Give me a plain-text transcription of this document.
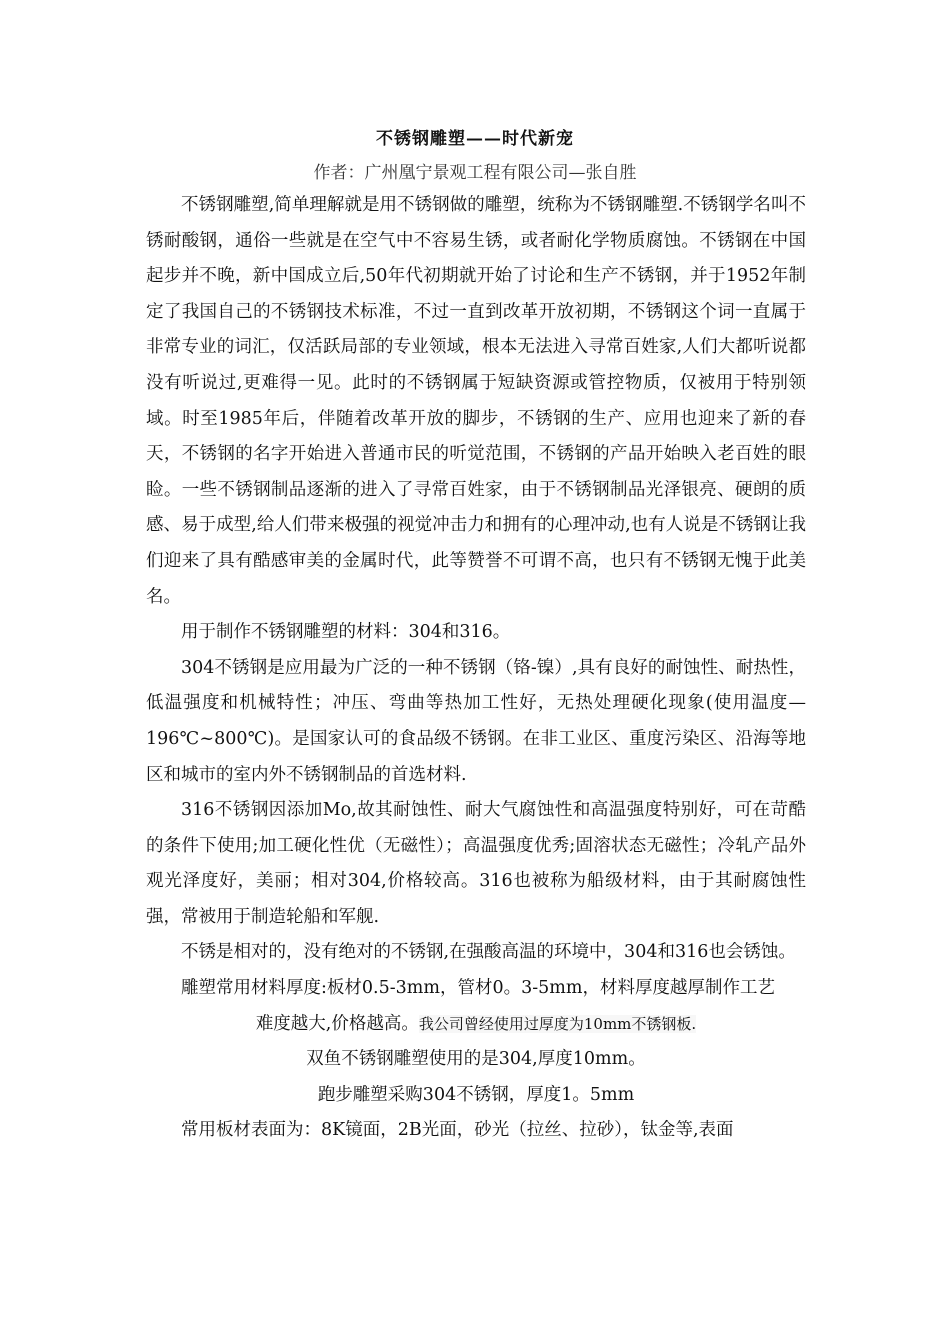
不锈钢雕塑——时代新宠
作者：广州凰宁景观工程有限公司—张自胜

不锈钢雕塑,简单理解就是用不锈钢做的雕塑，统称为不锈钢雕塑.不锈钢学名叫不锈耐酸钢，通俗一些就是在空气中不容易生锈，或者耐化学物质腐蚀。不锈钢在中国起步并不晚，新中国成立后,50年代初期就开始了讨论和生产不锈钢，并于1952年制定了我国自己的不锈钢技术标准，不过一直到改革开放初期，不锈钢这个词一直属于非常专业的词汇，仅活跃局部的专业领域，根本无法进入寻常百姓家,人们大都听说都没有听说过,更难得一见。此时的不锈钢属于短缺资源或管控物质，仅被用于特别领域。时至1985年后，伴随着改革开放的脚步，不锈钢的生产、应用也迎来了新的春天，不锈钢的名字开始进入普通市民的听觉范围，不锈钢的产品开始映入老百姓的眼睑。一些不锈钢制品逐渐的进入了寻常百姓家，由于不锈钢制品光泽银亮、硬朗的质感、易于成型,给人们带来极强的视觉冲击力和拥有的心理冲动,也有人说是不锈钢让我们迎来了具有酷感审美的金属时代，此等赞誉不可谓不高，也只有不锈钢无愧于此美名。

用于制作不锈钢雕塑的材料：304和316。

304不锈钢是应用最为广泛的一种不锈钢（铬-镍）,具有良好的耐蚀性、耐热性，低温强度和机械特性；冲压、弯曲等热加工性好，无热处理硬化现象(使用温度—196℃~800℃)。是国家认可的食品级不锈钢。在非工业区、重度污染区、沿海等地区和城市的室内外不锈钢制品的首选材料.

316不锈钢因添加Mo,故其耐蚀性、耐大气腐蚀性和高温强度特别好，可在苛酷的条件下使用;加工硬化性优（无磁性）；高温强度优秀;固溶状态无磁性；冷轧产品外观光泽度好，美丽；相对304,价格较高。316也被称为船级材料，由于其耐腐蚀性强，常被用于制造轮船和军舰.

不锈是相对的，没有绝对的不锈钢,在强酸高温的环境中，304和316也会锈蚀。

雕塑常用材料厚度:板材0.5-3mm，管材0。3-5mm，材料厚度越厚制作工艺

难度越大,价格越高。我公司曾经使用过厚度为10mm不锈钢板.

双鱼不锈钢雕塑使用的是304,厚度10mm。

跑步雕塑采购304不锈钢，厚度1。5mm

常用板材表面为：8K镜面，2B光面，砂光（拉丝、拉砂），钛金等,表面
